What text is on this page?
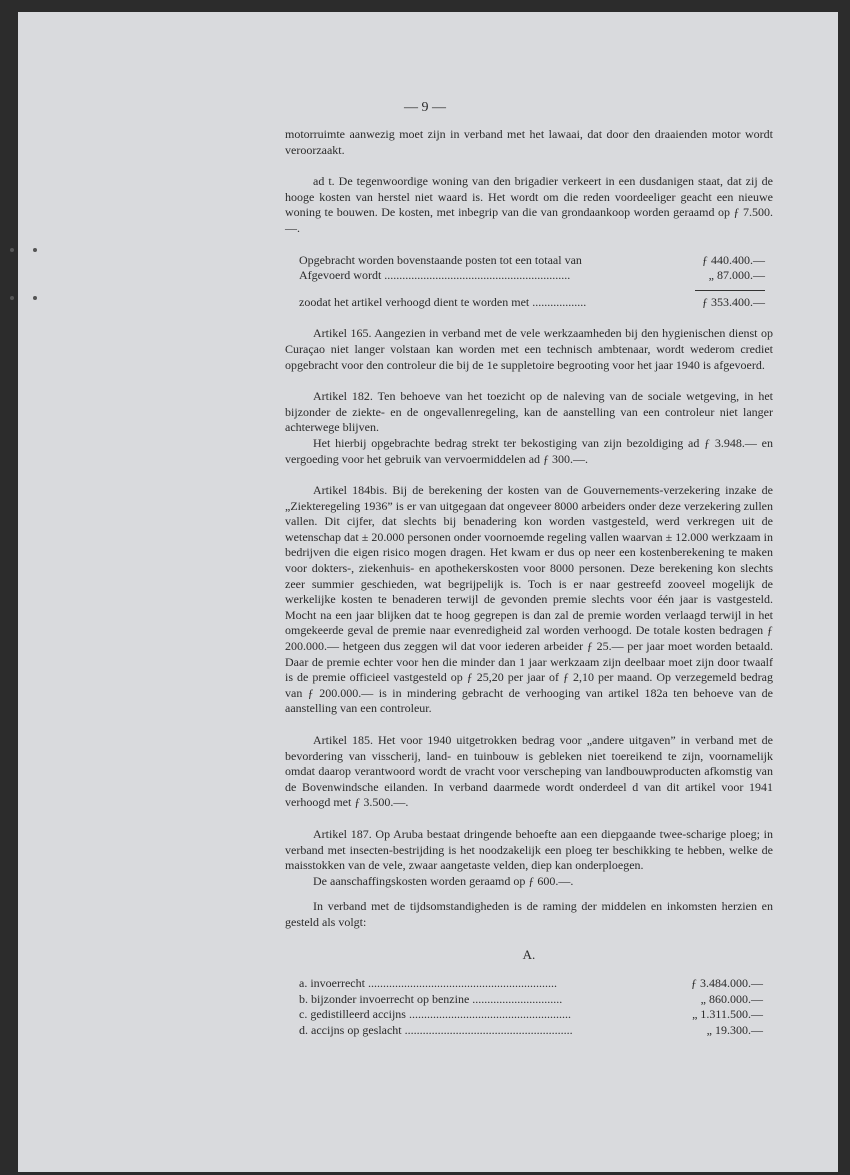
— 9 —

motorruimte aanwezig moet zijn in verband met het lawaai, dat door den draaienden motor wordt veroorzaakt.

ad t. De tegenwoordige woning van den brigadier verkeert in een dusdanigen staat, dat zij de hooge kosten van herstel niet waard is. Het wordt om die reden voordeeliger geacht een nieuwe woning te bouwen. De kosten, met inbegrip van die van grondaankoop worden geraamd op ƒ 7.500.—.

Opgebracht worden bovenstaande posten tot een totaal van	ƒ 440.400.—
Afgevoerd wordt ..............................................................	„ 87.000.—
zoodat het artikel verhoogd dient te worden met ..................	ƒ 353.400.—

Artikel 165. Aangezien in verband met de vele werkzaamheden bij den hygienischen dienst op Curaçao niet langer volstaan kan worden met een technisch ambtenaar, wordt wederom crediet opgebracht voor den controleur die bij de 1e suppletoire begrooting voor het jaar 1940 is afgevoerd.

Artikel 182. Ten behoeve van het toezicht op de naleving van de sociale wetgeving, in het bijzonder de ziekte- en de ongevallenregeling, kan de aanstelling van een controleur niet langer achterwege blijven.

Het hierbij opgebrachte bedrag strekt ter bekostiging van zijn bezoldiging ad ƒ 3.948.— en vergoeding voor het gebruik van vervoermiddelen ad ƒ 300.—.

Artikel 184bis. Bij de berekening der kosten van de Gouvernements-verzekering inzake de „Ziekteregeling 1936” is er van uitgegaan dat ongeveer 8000 arbeiders onder deze verzekering zullen vallen. Dit cijfer, dat slechts bij benadering kon worden vastgesteld, werd verkregen uit de wetenschap dat ± 20.000 personen onder voornoemde regeling vallen waarvan ± 12.000 werkzaam in bedrijven die eigen risico mogen dragen. Het kwam er dus op neer een kostenberekening te maken voor dokters-, ziekenhuis- en apothekerskosten voor 8000 personen. Deze berekening kon slechts zeer summier geschieden, wat begrijpelijk is. Toch is er naar gestreefd zooveel mogelijk de werkelijke kosten te benaderen terwijl de gevonden premie slechts voor één jaar is vastgesteld. Mocht na een jaar blijken dat te hoog gegrepen is dan zal de premie worden verlaagd terwijl in het omgekeerde geval de premie naar evenredigheid zal worden verhoogd. De totale kosten bedragen ƒ 200.000.— hetgeen dus zeggen wil dat voor iederen arbeider ƒ 25.— per jaar moet worden betaald. Daar de premie echter voor hen die minder dan 1 jaar werkzaam zijn deelbaar moet zijn door twaalf is de premie officieel vastgesteld op ƒ 25,20 per jaar of ƒ 2,10 per maand. Op verzegemeld bedrag van ƒ 200.000.— is in mindering gebracht de verhooging van artikel 182a ten behoeve van de aanstelling van een controleur.

Artikel 185. Het voor 1940 uitgetrokken bedrag voor „andere uitgaven” in verband met de bevordering van visscherij, land- en tuinbouw is gebleken niet toereikend te zijn, voornamelijk omdat daarop verantwoord wordt de vracht voor verscheping van landbouwproducten afkomstig van de Bovenwindsche eilanden. In verband daarmede wordt onderdeel d van dit artikel voor 1941 verhoogd met ƒ 3.500.—.

Artikel 187. Op Aruba bestaat dringende behoefte aan een diepgaande twee-scharige ploeg; in verband met insecten-bestrijding is het noodzakelijk een ploeg ter beschikking te hebben, welke de maisstokken van de vele, zwaar aangetaste velden, diep kan onderploegen.

De aanschaffingskosten worden geraamd op ƒ 600.—.

In verband met de tijdsomstandigheden is de raming der middelen en inkomsten herzien en gesteld als volgt:

A.
a. invoerrecht ...............................................................	ƒ 3.484.000.—
b. bijzonder invoerrecht op benzine ..............................	„ 860.000.—
c. gedistilleerd accijns ......................................................	„ 1.311.500.—
d. accijns op geslacht ........................................................	„ 19.300.—
